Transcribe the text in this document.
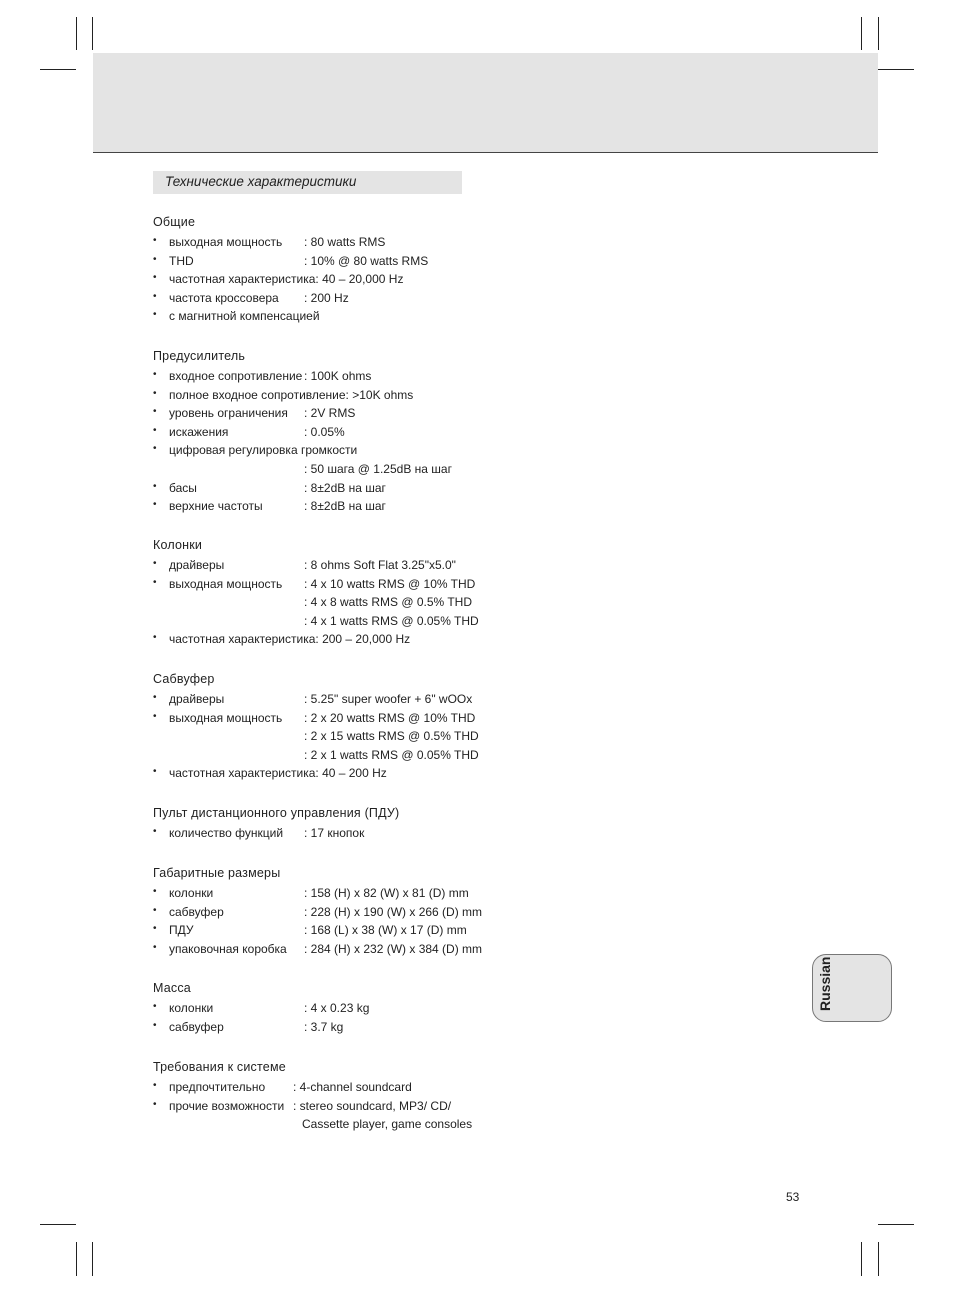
Технические характеристики
Общие
• выходная мощность : 80 watts RMS
• THD	: 10% @ 80 watts RMS
• частотная характеристика: 40 – 20,000 Hz
• частота кроссовера : 200 Hz
• с магнитной компенсацией
Предусилитель
• входное сопротивление : 100K ohms
• полное входное сопротивление: >10K ohms
• уровень ограничения : 2V RMS
• искажения	: 0.05%
• цифровая регулировка громкости
: 50 шага @ 1.25dB на шаг
• басы	: 8±2dB на шаг
• верхние частоты	: 8±2dB на шаг
Колонки
• драйверы	: 8 ohms Soft Flat 3.25"x5.0"
• выходная мощность : 4 x 10 watts RMS @ 10% THD
: 4 x 8 watts RMS @ 0.5% THD
: 4 x 1 watts RMS @ 0.05% THD
• частотная характеристика: 200 – 20,000 Hz
Сабвуфер
• драйверы	: 5.25" super woofer + 6" wOOx
• выходная мощность : 2 x 20 watts RMS @ 10% THD
: 2 x 15 watts RMS @ 0.5% THD
: 2 x 1 watts RMS @ 0.05% THD
• частотная характеристика: 40 – 200 Hz
Пульт дистанционного управления (ПДУ)
• количество функций : 17 кнопок
Габаритные размеры
• колонки	: 158 (H) x 82 (W) x 81 (D) mm
• сабвуфер	: 228 (H) x 190 (W) x 266 (D) mm
• ПДУ	: 168 (L) x 38 (W) x 17 (D) mm
• упаковочная коробка : 284 (H) x 232 (W) x 384 (D) mm
Масса
• колонки	: 4 x 0.23 kg
• сабвуфер	: 3.7 kg
Требования к системе
• предпочтительно : 4-channel soundcard
• прочие возможности : stereo soundcard, MP3/ CD/
Cassette player, game consoles
Russian
53
